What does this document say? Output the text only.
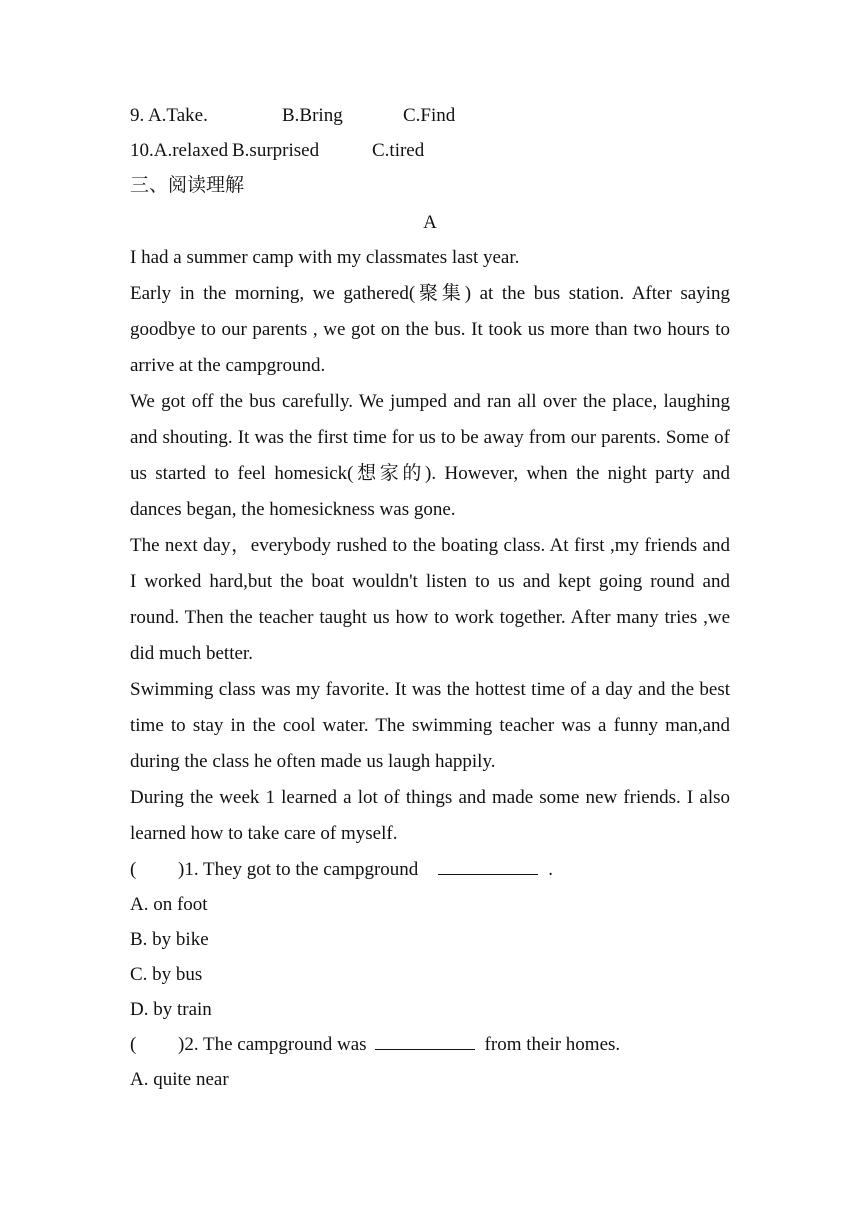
9. A.Take.	B.Bring	C.Find
10.A.relaxed B.surprised	C.tired
三、阅读理解
A

I had a summer camp with my classmates last year.

Early in the morning, we gathered(聚集) at the bus station. After saying goodbye to our parents , we got on the bus. It took us more than two hours to arrive at the campground.

We got off the bus carefully. We jumped and ran all over the place, laughing and shouting. It was the first time for us to be away from our parents. Some of us started to feel homesick(想家的). However, when the night party and dances began, the homesickness was gone.

The next day，everybody rushed to the boating class. At first ,my friends and I worked hard,but the boat wouldn't listen to us and kept going round and round. Then the teacher taught us how to work together. After many tries ,we did much better.

Swimming class was my favorite. It was the hottest time of a day and the best time to stay in the cool water. The swimming teacher was a funny man,and during the class he often made us laugh happily.

During the week 1 learned a lot of things and made some new friends. I also learned how to take care of myself.

( )1. They got to the campground	.
A. on foot
B. by bike
C. by bus
D. by train
( )2. The campground was	from their homes.
A. quite near
